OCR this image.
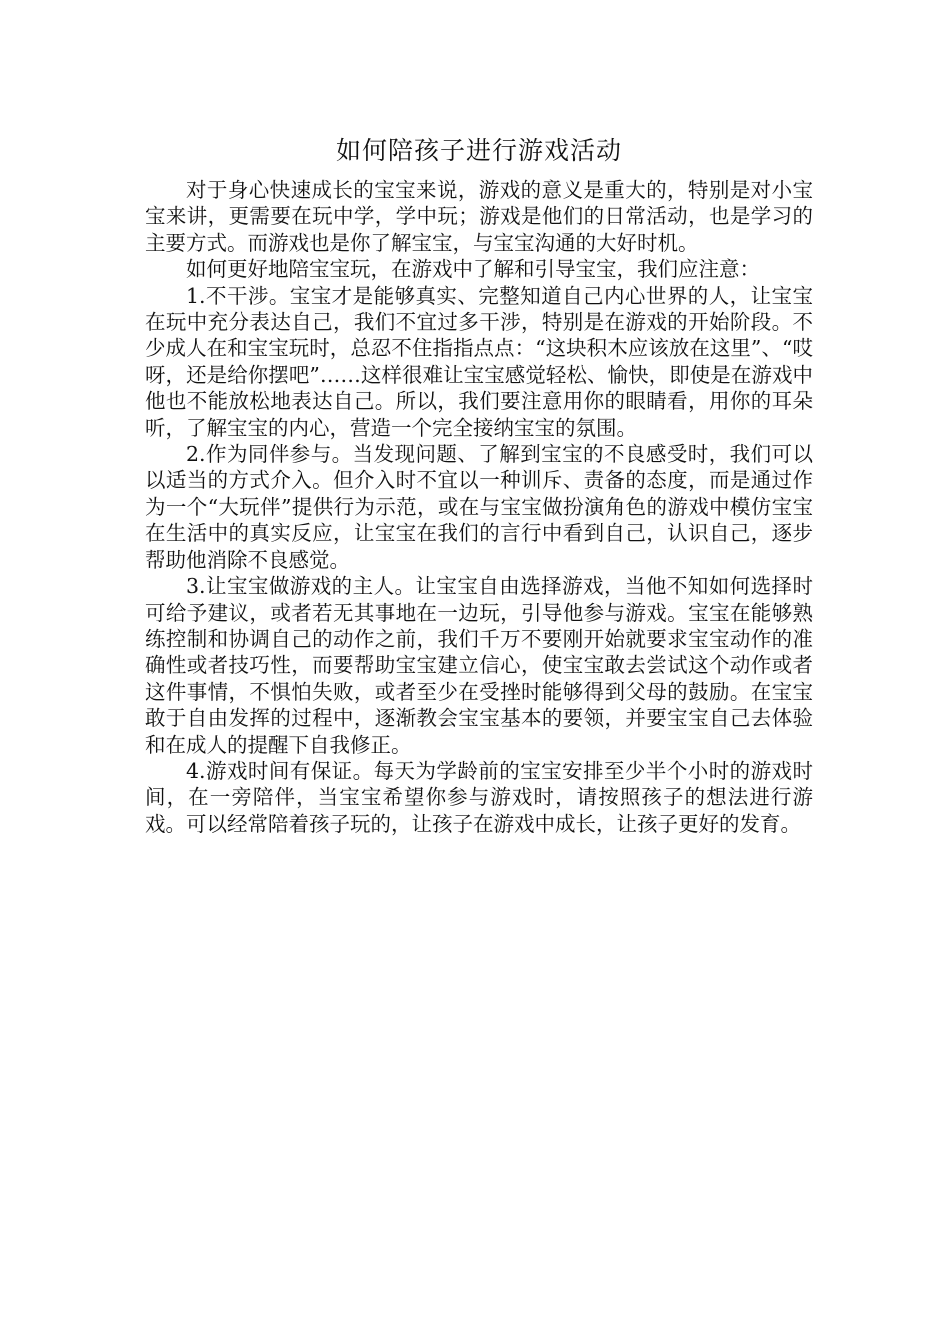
如何陪孩子进行游戏活动

对于身心快速成长的宝宝来说，游戏的意义是重大的，特别是对小宝宝来讲，更需要在玩中学，学中玩；游戏是他们的日常活动，也是学习的主要方式。而游戏也是你了解宝宝，与宝宝沟通的大好时机。

如何更好地陪宝宝玩，在游戏中了解和引导宝宝，我们应注意：

1.不干涉。宝宝才是能够真实、完整知道自己内心世界的人，让宝宝在玩中充分表达自己，我们不宜过多干涉，特别是在游戏的开始阶段。不少成人在和宝宝玩时，总忍不住指指点点：“这块积木应该放在这里”、“哎呀，还是给你摆吧”……这样很难让宝宝感觉轻松、愉快，即使是在游戏中他也不能放松地表达自己。所以，我们要注意用你的眼睛看，用你的耳朵听，了解宝宝的内心，营造一个完全接纳宝宝的氛围。

2.作为同伴参与。当发现问题、了解到宝宝的不良感受时，我们可以以适当的方式介入。但介入时不宜以一种训斥、责备的态度，而是通过作为一个“大玩伴”提供行为示范，或在与宝宝做扮演角色的游戏中模仿宝宝在生活中的真实反应，让宝宝在我们的言行中看到自己，认识自己，逐步帮助他消除不良感觉。

3.让宝宝做游戏的主人。让宝宝自由选择游戏，当他不知如何选择时可给予建议，或者若无其事地在一边玩，引导他参与游戏。宝宝在能够熟练控制和协调自己的动作之前，我们千万不要刚开始就要求宝宝动作的准确性或者技巧性，而要帮助宝宝建立信心，使宝宝敢去尝试这个动作或者这件事情，不惧怕失败，或者至少在受挫时能够得到父母的鼓励。在宝宝敢于自由发挥的过程中，逐渐教会宝宝基本的要领，并要宝宝自己去体验和在成人的提醒下自我修正。

4.游戏时间有保证。每天为学龄前的宝宝安排至少半个小时的游戏时间，在一旁陪伴，当宝宝希望你参与游戏时，请按照孩子的想法进行游戏。可以经常陪着孩子玩的，让孩子在游戏中成长，让孩子更好的发育。
